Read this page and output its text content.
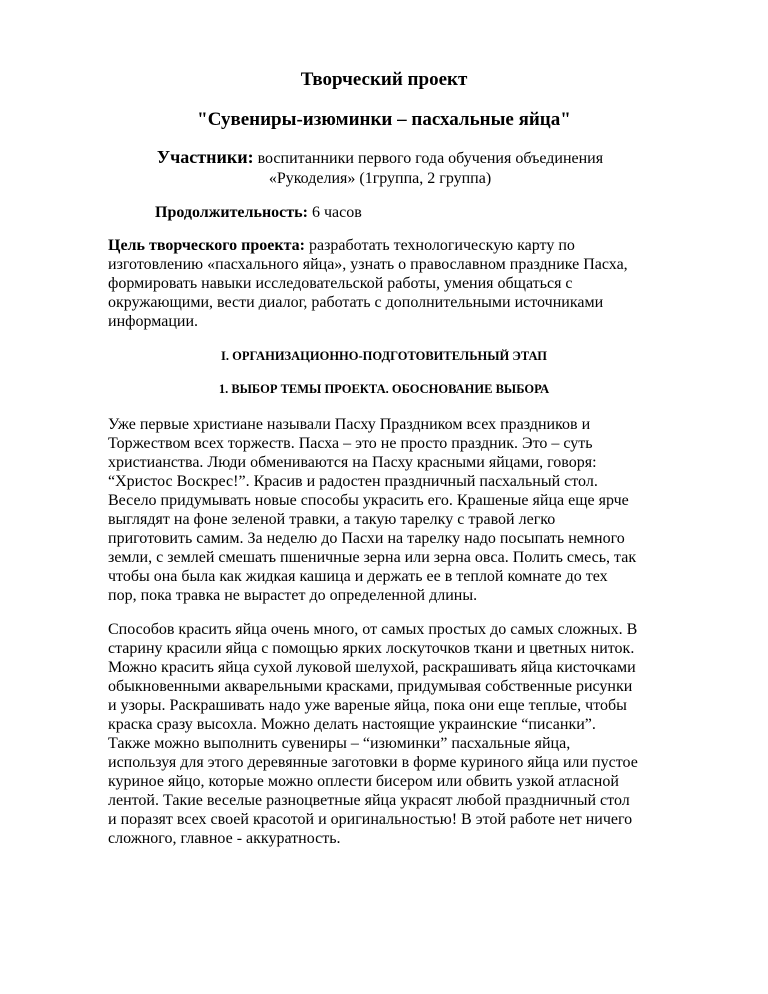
Творческий проект
"Сувениры-изюминки – пасхальные яйца"
Участники: воспитанники первого года обучения объединения
«Рукоделия» (1группа, 2 группа)
Продолжительность: 6 часов
Цель творческого проекта: разработать технологическую карту по
изготовлению «пасхального яйца», узнать о православном празднике Пасха,
формировать навыки исследовательской работы, умения общаться с
окружающими, вести диалог, работать с дополнительными источниками
информации.
I. ОРГАНИЗАЦИОННО-ПОДГОТОВИТЕЛЬНЫЙ ЭТАП
1. ВЫБОР ТЕМЫ ПРОЕКТА. ОБОСНОВАНИЕ ВЫБОРА
Уже первые христиане называли Пасху Праздником всех праздников и
Торжеством всех торжеств. Пасха – это не просто праздник. Это – суть
христианства. Люди обмениваются на Пасху красными яйцами, говоря:
“Христос Воскрес!”. Красив и радостен праздничный пасхальный стол.
Весело придумывать новые способы украсить его. Крашеные яйца еще ярче
выглядят на фоне зеленой травки, а такую тарелку с травой легко
приготовить самим. За неделю до Пасхи на тарелку надо посыпать немного
земли, с землей смешать пшеничные зерна или зерна овса. Полить смесь, так
чтобы она была как жидкая кашица и держать ее в теплой комнате до тех
пор, пока травка не вырастет до определенной длины.
Способов красить яйца очень много, от самых простых до самых сложных. В
старину красили яйца с помощью ярких лоскуточков ткани и цветных ниток.
Можно красить яйца сухой луковой шелухой, раскрашивать яйца кисточками
обыкновенными акварельными красками, придумывая собственные рисунки
и узоры. Раскрашивать надо уже вареные яйца, пока они еще теплые, чтобы
краска сразу высохла. Можно делать настоящие украинские “писанки”.
Также можно выполнить сувениры – “изюминки” пасхальные яйца,
используя для этого деревянные заготовки в форме куриного яйца или пустое
куриное яйцо, которые можно оплести бисером или обвить узкой атласной
лентой. Такие веселые разноцветные яйца украсят любой праздничный стол
и поразят всех своей красотой и оригинальностью! В этой работе нет ничего
сложного, главное - аккуратность.
